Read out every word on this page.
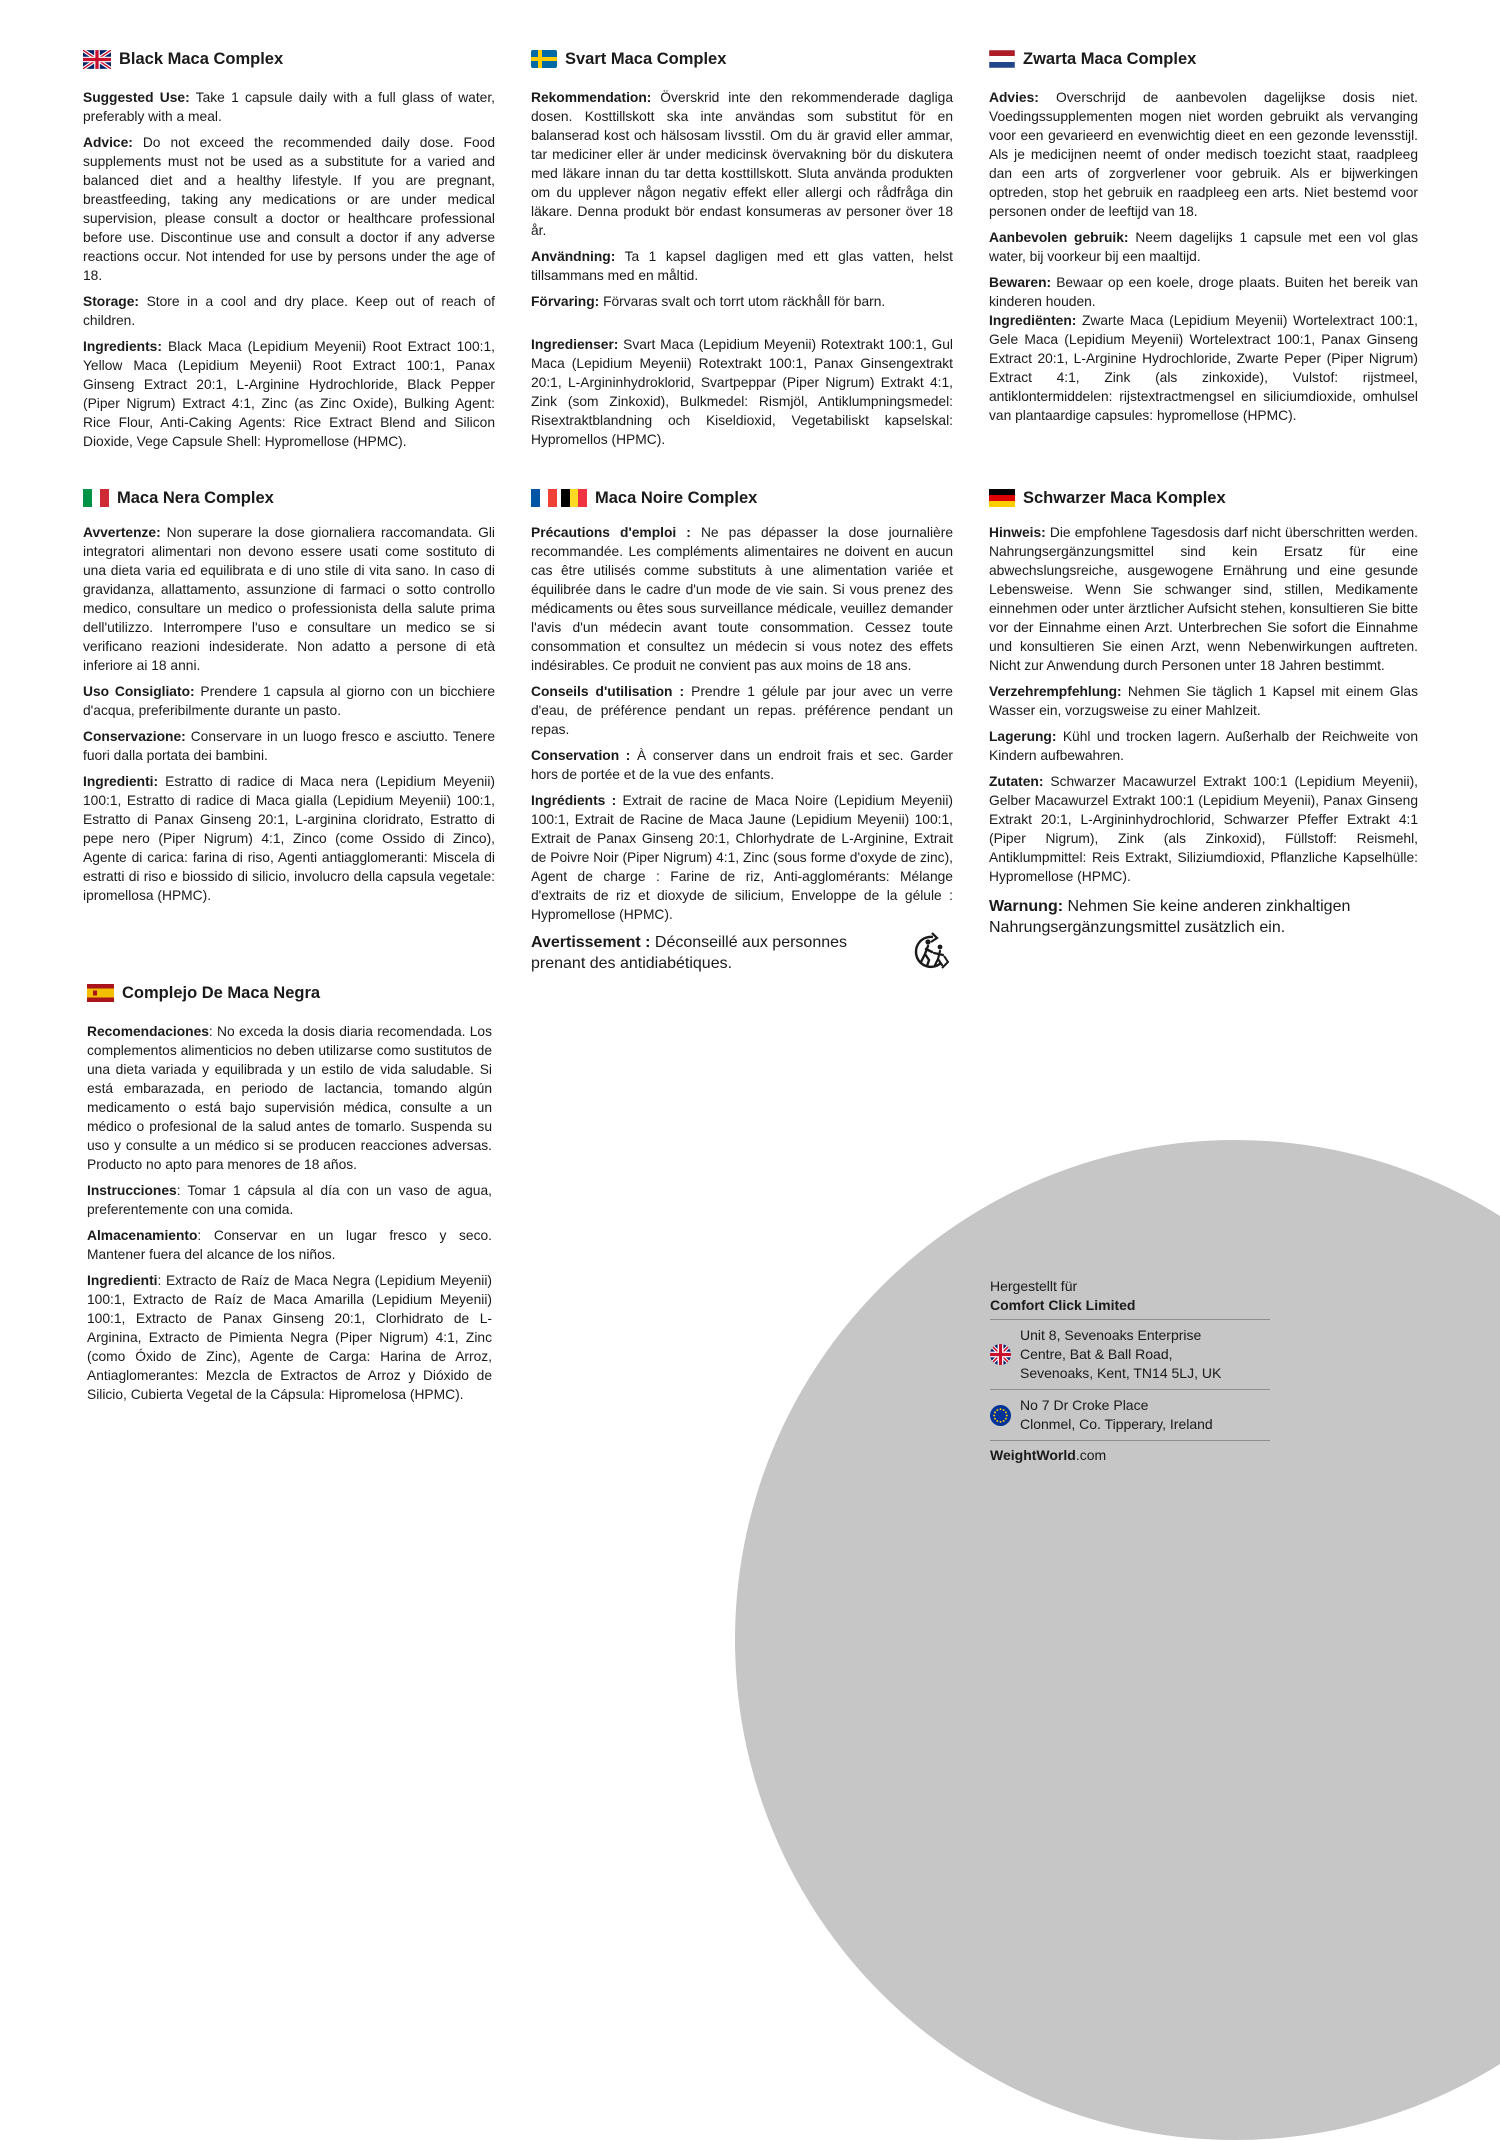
Black Maca Complex

Suggested Use: Take 1 capsule daily with a full glass of water, preferably with a meal.

Advice: Do not exceed the recommended daily dose. Food supplements must not be used as a substitute for a varied and balanced diet and a healthy lifestyle. If you are pregnant, breastfeeding, taking any medications or are under medical supervision, please consult a doctor or healthcare professional before use. Discontinue use and consult a doctor if any adverse reactions occur. Not intended for use by persons under the age of 18.

Storage: Store in a cool and dry place. Keep out of reach of children.

Ingredients: Black Maca (Lepidium Meyenii) Root Extract 100:1, Yellow Maca (Lepidium Meyenii) Root Extract 100:1, Panax Ginseng Extract 20:1, L-Arginine Hydrochloride, Black Pepper (Piper Nigrum) Extract 4:1, Zinc (as Zinc Oxide), Bulking Agent: Rice Flour, Anti-Caking Agents: Rice Extract Blend and Silicon Dioxide, Vege Capsule Shell: Hypromellose (HPMC).

Svart Maca Complex

Rekommendation: Överskrid inte den rekommenderade dagliga dosen. Kosttillskott ska inte användas som substitut för en balanserad kost och hälsosam livsstil. Om du är gravid eller ammar, tar mediciner eller är under medicinsk övervakning bör du diskutera med läkare innan du tar detta kosttillskott. Sluta använda produkten om du upplever någon negativ effekt eller allergi och rådfråga din läkare. Denna produkt bör endast konsumeras av personer över 18 år.

Användning: Ta 1 kapsel dagligen med ett glas vatten, helst tillsammans med en måltid.

Förvaring: Förvaras svalt och torrt utom räckhåll för barn.

Ingredienser: Svart Maca (Lepidium Meyenii) Rotextrakt 100:1, Gul Maca (Lepidium Meyenii) Rotextrakt 100:1, Panax Ginsengextrakt 20:1, L-Argininhydroklorid, Svartpeppar (Piper Nigrum) Extrakt 4:1, Zink (som Zinkoxid), Bulkmedel: Rismjöl, Antiklumpningsmedel: Risextraktblandning och Kiseldioxid, Vegetabiliskt kapselskal: Hypromellos (HPMC).

Zwarta Maca Complex

Advies: Overschrijd de aanbevolen dagelijkse dosis niet. Voedingssupplementen mogen niet worden gebruikt als vervanging voor een gevarieerd en evenwichtig dieet en een gezonde levensstijl. Als je medicijnen neemt of onder medisch toezicht staat, raadpleeg dan een arts of zorgverlener voor gebruik. Als er bijwerkingen optreden, stop het gebruik en raadpleeg een arts. Niet bestemd voor personen onder de leeftijd van 18.

Aanbevolen gebruik: Neem dagelijks 1 capsule met een vol glas water, bij voorkeur bij een maaltijd.

Bewaren: Bewaar op een koele, droge plaats. Buiten het bereik van kinderen houden.

Ingrediënten: Zwarte Maca (Lepidium Meyenii) Wortelextract 100:1, Gele Maca (Lepidium Meyenii) Wortelextract 100:1, Panax Ginseng Extract 20:1, L-Arginine Hydrochloride, Zwarte Peper (Piper Nigrum) Extract 4:1, Zink (als zinkoxide), Vulstof: rijstmeel, antiklontermiddelen: rijstextractmengsel en siliciumdioxide, omhulsel van plantaardige capsules: hypromellose (HPMC).

Maca Nera Complex

Avvertenze: Non superare la dose giornaliera raccomandata. Gli integratori alimentari non devono essere usati come sostituto di una dieta varia ed equilibrata e di uno stile di vita sano. In caso di gravidanza, allattamento, assunzione di farmaci o sotto controllo medico, consultare un medico o professionista della salute prima dell'utilizzo. Interrompere l'uso e consultare un medico se si verificano reazioni indesiderate. Non adatto a persone di età inferiore ai 18 anni.

Uso Consigliato: Prendere 1 capsula al giorno con un bicchiere d'acqua, preferibilmente durante un pasto.

Conservazione: Conservare in un luogo fresco e asciutto. Tenere fuori dalla portata dei bambini.

Ingredienti: Estratto di radice di Maca nera (Lepidium Meyenii) 100:1, Estratto di radice di Maca gialla (Lepidium Meyenii) 100:1, Estratto di Panax Ginseng 20:1, L-arginina cloridrato, Estratto di pepe nero (Piper Nigrum) 4:1, Zinco (come Ossido di Zinco), Agente di carica: farina di riso, Agenti antiagglomeranti: Miscela di estratti di riso e biossido di silicio, involucro della capsula vegetale: ipromellosa (HPMC).

Maca Noire Complex

Précautions d'emploi : Ne pas dépasser la dose journalière recommandée. Les compléments alimentaires ne doivent en aucun cas être utilisés comme substituts à une alimentation variée et équilibrée dans le cadre d'un mode de vie sain. Si vous prenez des médicaments ou êtes sous surveillance médicale, veuillez demander l'avis d'un médecin avant toute consommation. Cessez toute consommation et consultez un médecin si vous notez des effets indésirables. Ce produit ne convient pas aux moins de 18 ans.

Conseils d'utilisation : Prendre 1 gélule par jour avec un verre d'eau, de préférence pendant un repas. préférence pendant un repas.

Conservation : À conserver dans un endroit frais et sec. Garder hors de portée et de la vue des enfants.

Ingrédients : Extrait de racine de Maca Noire (Lepidium Meyenii) 100:1, Extrait de Racine de Maca Jaune (Lepidium Meyenii) 100:1, Extrait de Panax Ginseng 20:1, Chlorhydrate de L-Arginine, Extrait de Poivre Noir (Piper Nigrum) 4:1, Zinc (sous forme d'oxyde de zinc), Agent de charge : Farine de riz, Anti-agglomérants: Mélange d'extraits de riz et dioxyde de silicium, Enveloppe de la gélule : Hypromellose (HPMC).

Avertissement : Déconseillé aux personnes prenant des antidiabétiques.
Schwarzer Maca Komplex

Hinweis: Die empfohlene Tagesdosis darf nicht überschritten werden. Nahrungsergänzungsmittel sind kein Ersatz für eine abwechslungsreiche, ausgewogene Ernährung und eine gesunde Lebensweise. Wenn Sie schwanger sind, stillen, Medikamente einnehmen oder unter ärztlicher Aufsicht stehen, konsultieren Sie bitte vor der Einnahme einen Arzt. Unterbrechen Sie sofort die Einnahme und konsultieren Sie einen Arzt, wenn Nebenwirkungen auftreten. Nicht zur Anwendung durch Personen unter 18 Jahren bestimmt.

Verzehrempfehlung: Nehmen Sie täglich 1 Kapsel mit einem Glas Wasser ein, vorzugsweise zu einer Mahlzeit.

Lagerung: Kühl und trocken lagern. Außerhalb der Reichweite von Kindern aufbewahren.

Zutaten: Schwarzer Macawurzel Extrakt 100:1 (Lepidium Meyenii), Gelber Macawurzel Extrakt 100:1 (Lepidium Meyenii), Panax Ginseng Extrakt 20:1, L-Argininhydrochlorid, Schwarzer Pfeffer Extrakt 4:1 (Piper Nigrum), Zink (als Zinkoxid), Füllstoff: Reismehl, Antiklumpmittel: Reis Extrakt, Siliziumdioxid, Pflanzliche Kapselhülle: Hypromellose (HPMC).

Warnung: Nehmen Sie keine anderen zinkhaltigen Nahrungsergänzungsmittel zusätzlich ein.
Complejo De Maca Negra

Recomendaciones: No exceda la dosis diaria recomendada. Los complementos alimenticios no deben utilizarse como sustitutos de una dieta variada y equilibrada y un estilo de vida saludable. Si está embarazada, en periodo de lactancia, tomando algún medicamento o está bajo supervisión médica, consulte a un médico o profesional de la salud antes de tomarlo. Suspenda su uso y consulte a un médico si se producen reacciones adversas. Producto no apto para menores de 18 años.

Instrucciones: Tomar 1 cápsula al día con un vaso de agua, preferentemente con una comida.

Almacenamiento: Conservar en un lugar fresco y seco. Mantener fuera del alcance de los niños.

Ingredienti: Extracto de Raíz de Maca Negra (Lepidium Meyenii) 100:1, Extracto de Raíz de Maca Amarilla (Lepidium Meyenii) 100:1, Extracto de Panax Ginseng 20:1, Clorhidrato de L-Arginina, Extracto de Pimienta Negra (Piper Nigrum) 4:1, Zinc (como Óxido de Zinc), Agente de Carga: Harina de Arroz, Antiaglomerantes: Mezcla de Extractos de Arroz y Dióxido de Silicio, Cubierta Vegetal de la Cápsula: Hipromelosa (HPMC).

Hergestellt für
Comfort Click Limited
Unit 8, Sevenoaks Enterprise
Centre, Bat & Ball Road,
Sevenoaks, Kent, TN14 5LJ, UK
No 7 Dr Croke Place
Clonmel, Co. Tipperary, Ireland
WeightWorld.com
